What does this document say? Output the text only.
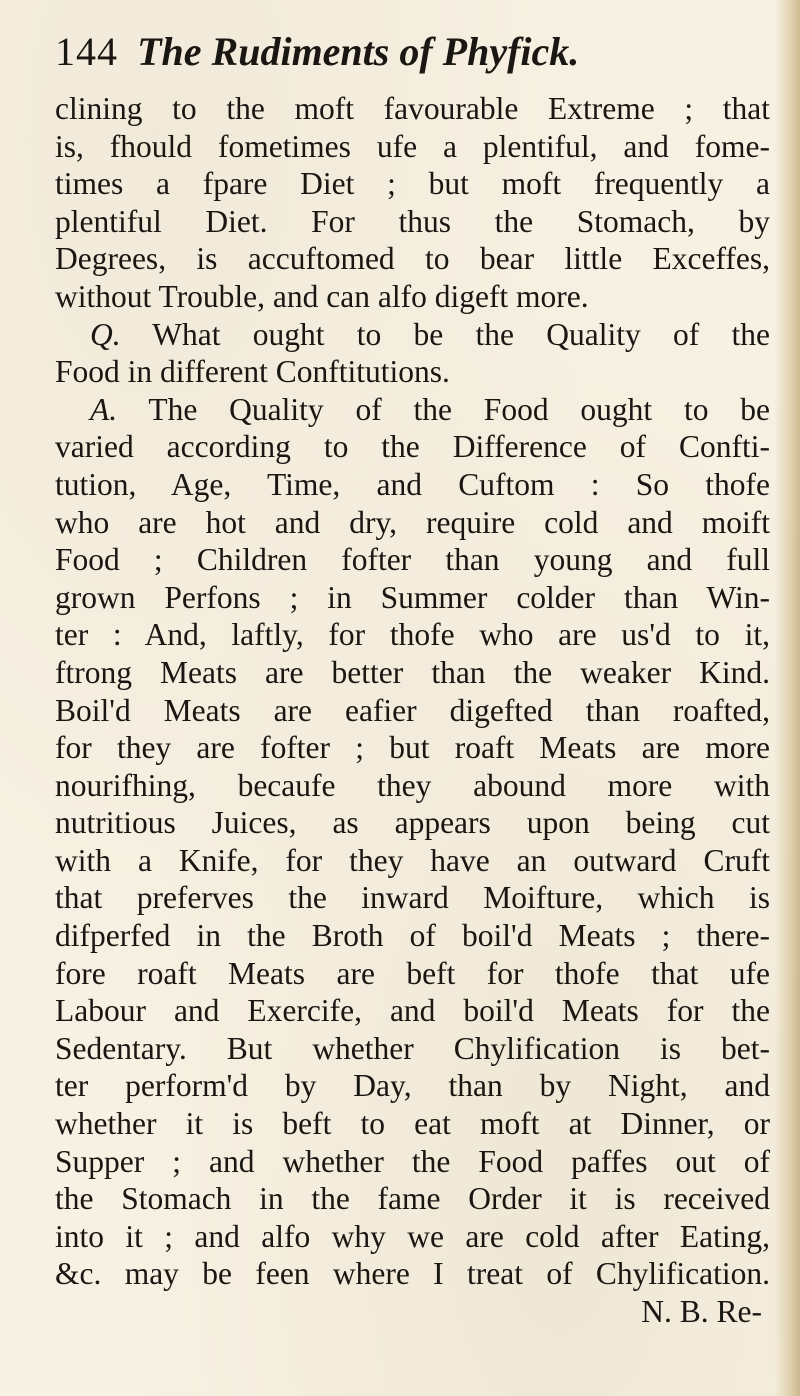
144 The Rudiments of Phyfick.
clining to the moft favourable Extreme ; that
is, fhould fometimes ufe a plentiful, and fome-
times a fpare Diet ; but moft frequently a
plentiful Diet. For thus the Stomach, by
Degrees, is accuftomed to bear little Exceffes,
without Trouble, and can alfo digeft more.
Q. What ought to be the Quality of the
Food in different Conftitutions.
A. The Quality of the Food ought to be
varied according to the Difference of Confti-
tution, Age, Time, and Cuftom : So thofe
who are hot and dry, require cold and moift
Food ; Children fofter than young and full
grown Perfons ; in Summer colder than Win-
ter : And, laftly, for thofe who are us'd to it,
ftrong Meats are better than the weaker Kind.
Boil'd Meats are eafier digefted than roafted,
for they are fofter ; but roaft Meats are more
nourifhing, becaufe they abound more with
nutritious Juices, as appears upon being cut
with a Knife, for they have an outward Cruft
that preferves the inward Moifture, which is
difperfed in the Broth of boil'd Meats ; there-
fore roaft Meats are beft for thofe that ufe
Labour and Exercife, and boil'd Meats for the
Sedentary. But whether Chylification is bet-
ter perform'd by Day, than by Night, and
whether it is beft to eat moft at Dinner, or
Supper ; and whether the Food paffes out of
the Stomach in the fame Order it is received
into it ; and alfo why we are cold after Eating,
&c. may be feen where I treat of Chylification.
N. B. Re-
